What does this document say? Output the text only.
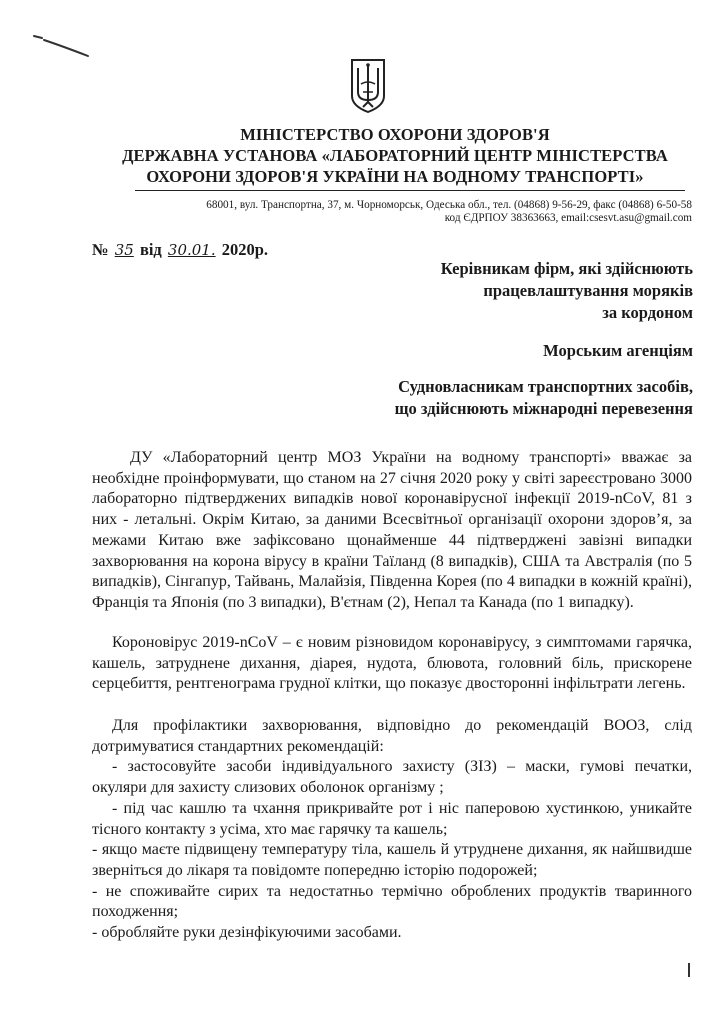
МІНІСТЕРСТВО ОХОРОНИ ЗДОРОВ'Я
ДЕРЖАВНА УСТАНОВА «ЛАБОРАТОРНИЙ ЦЕНТР МІНІСТЕРСТВА
ОХОРОНИ ЗДОРОВ'Я УКРАЇНИ НА ВОДНОМУ ТРАНСПОРТІ»
68001, вул. Транспортна, 37, м. Чорноморськ, Одеська обл., тел. (04868) 9-56-29, факс (04868) 6-50-58
код ЄДРПОУ 38363663, email:csesvt.asu@gmail.com
№ 35 від 30.01. 2020р.
Керівникам фірм, які здійснюють
працевлаштування моряків
за кордоном
Морським агенціям
Судновласникам транспортних засобів,
що здійснюють міжнародні перевезення

ДУ «Лабораторний центр МОЗ України на водному транспорті» вважає за необхідне проінформувати, що станом на 27 січня 2020 року у світі зареєстровано 3000 лабораторно підтверджених випадків нової коронавірусної інфекції 2019-nCoV, 81 з них - летальні. Окрім Китаю, за даними Всесвітньої організації охорони здоров’я, за межами Китаю вже зафіксовано щонайменше 44 підтверджені завізні випадки захворювання на корона вірусу в країни Таїланд (8 випадків), США та Австралія (по 5 випадків), Сінгапур, Тайвань, Малайзія, Південна Корея (по 4 випадки в кожній країні), Франція та Японія (по 3 випадки), В'єтнам (2), Непал та Канада (по 1 випадку).

Короновірус 2019-nCoV – є новим різновидом коронавірусу, з симптомами гарячка, кашель, затруднене дихання, діарея, нудота, блювота, головний біль, прискорене серцебиття, рентгенограма грудної клітки, що показує двосторонні інфільтрати легень.

Для профілактики захворювання, відповідно до рекомендацій ВООЗ, слід дотримуватися стандартних рекомендацій:

- застосовуйте засоби індивідуального захисту (ЗІЗ) – маски, гумові печатки, окуляри для захисту слизових оболонок організму ;

- під час кашлю та чхання прикривайте рот і ніс паперовою хустинкою, уникайте тісного контакту з усіма, хто має гарячку та кашель;

- якщо маєте підвищену температуру тіла, кашель й утруднене дихання, як найшвидше зверніться до лікаря та повідомте попередню історію подорожей;

- не споживайте сирих та недостатньо термічно оброблених продуктів тваринного походження;

- обробляйте руки дезінфікуючими засобами.
